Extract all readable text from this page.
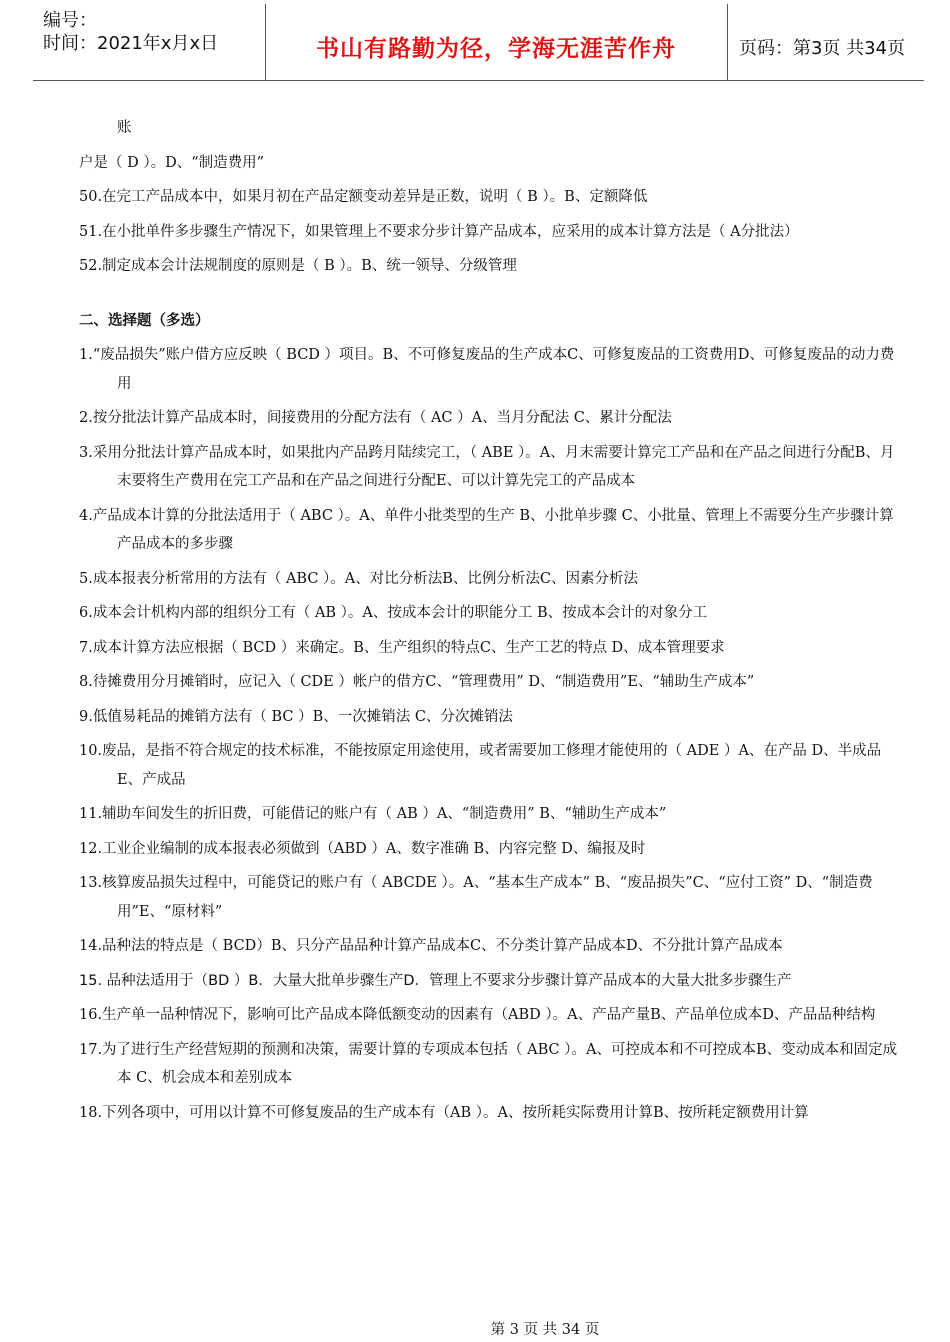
编号：
时间：2021年x月x日	书山有路勤为径，学海无涯苦作舟	页码：第3页 共34页

账

户是（ D ）。D、“制造费用”

50.在完工产品成本中，如果月初在产品定额变动差异是正数，说明（ B ）。B、定额降低

51.在小批单件多步骤生产情况下，如果管理上不要求分步计算产品成本，应采用的成本计算方法是（ A分批法）

52.制定成本会计法规制度的原则是（ B ）。B、统一领导、分级管理

二、选择题（多选）

1.“废品损失”账户借方应反映（ BCD ）项目。B、不可修复废品的生产成本C、可修复废品的工资费用D、可修复废品的动力费用

2.按分批法计算产品成本时，间接费用的分配方法有（ AC ）A、当月分配法 C、累计分配法

3.采用分批法计算产品成本时，如果批内产品跨月陆续完工，（ ABE ）。A、月末需要计算完工产品和在产品之间进行分配B、月末要将生产费用在完工产品和在产品之间进行分配E、可以计算先完工的产品成本

4.产品成本计算的分批法适用于（ ABC ）。A、单件小批类型的生产 B、小批单步骤 C、小批量、管理上不需要分生产步骤计算产品成本的多步骤

5.成本报表分析常用的方法有（ ABC ）。A、对比分析法B、比例分析法C、因素分析法

6.成本会计机构内部的组织分工有（ AB ）。A、按成本会计的职能分工 B、按成本会计的对象分工

7.成本计算方法应根据（ BCD ）来确定。B、生产组织的特点C、生产工艺的特点 D、成本管理要求

8.待摊费用分月摊销时，应记入（ CDE ）帐户的借方C、“管理费用” D、“制造费用”E、“辅助生产成本”

9.低值易耗品的摊销方法有（ BC ）B、一次摊销法 C、分次摊销法

10.废品，是指不符合规定的技术标准，不能按原定用途使用，或者需要加工修理才能使用的（ ADE ）A、在产品 D、半成品 E、产成品

11.辅助车间发生的折旧费，可能借记的账户有（ AB ）A、“制造费用” B、“辅助生产成本”

12.工业企业编制的成本报表必须做到（ABD ）A、数字准确 B、内容完整 D、编报及时

13.核算废品损失过程中，可能贷记的账户有（ ABCDE ）。A、“基本生产成本” B、“废品损失”C、“应付工资” D、“制造费用”E、“原材料”

14.品种法的特点是（ BCD）B、只分产品品种计算产品成本C、不分类计算产品成本D、不分批计算产品成本

15. 品种法适用于（BD ）B．大量大批单步骤生产D．管理上不要求分步骤计算产品成本的大量大批多步骤生产

16.生产单一品种情况下，影响可比产品成本降低额变动的因素有（ABD ）。A、产品产量B、产品单位成本D、产品品种结构

17.为了进行生产经营短期的预测和决策，需要计算的专项成本包括（ ABC ）。A、可控成本和不可控成本B、变动成本和固定成本 C、机会成本和差别成本

18.下列各项中，可用以计算不可修复废品的生产成本有（AB ）。A、按所耗实际费用计算B、按所耗定额费用计算

第 3 页 共 34 页
